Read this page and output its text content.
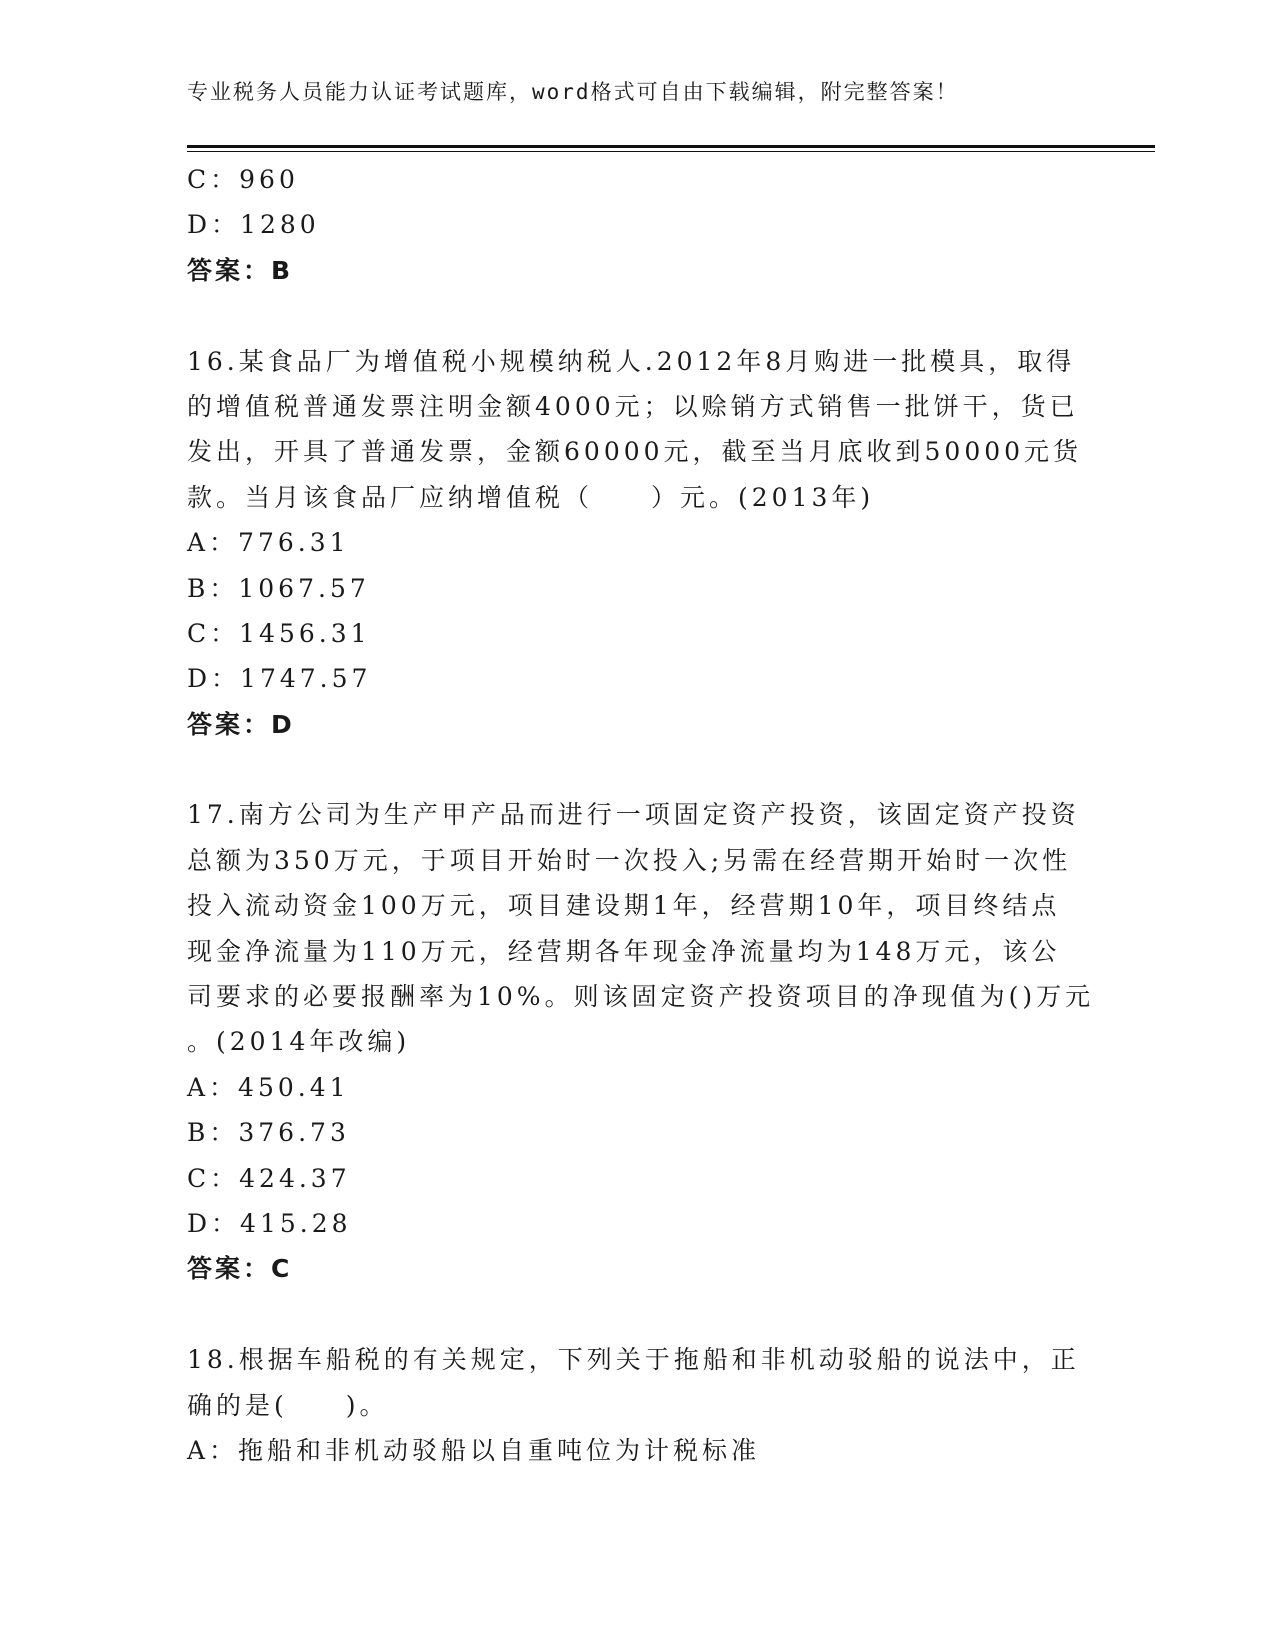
专业税务人员能力认证考试题库，word格式可自由下载编辑，附完整答案！
C：960
D：1280
答案：B
16.某食品厂为增值税小规模纳税人.2012年8月购进一批模具，取得
的增值税普通发票注明金额4000元；以赊销方式销售一批饼干，货已
发出，开具了普通发票，金额60000元，截至当月底收到50000元货
款。当月该食品厂应纳增值税（　　）元。(2013年)
A：776.31
B：1067.57
C：1456.31
D：1747.57
答案：D
17.南方公司为生产甲产品而进行一项固定资产投资，该固定资产投资
总额为350万元，于项目开始时一次投入;另需在经营期开始时一次性
投入流动资金100万元，项目建设期1年，经营期10年，项目终结点
现金净流量为110万元，经营期各年现金净流量均为148万元，该公
司要求的必要报酬率为10%。则该固定资产投资项目的净现值为()万元
。(2014年改编)
A：450.41
B：376.73
C：424.37
D：415.28
答案：C
18.根据车船税的有关规定，下列关于拖船和非机动驳船的说法中，正
确的是(　　)。
A：拖船和非机动驳船以自重吨位为计税标准
